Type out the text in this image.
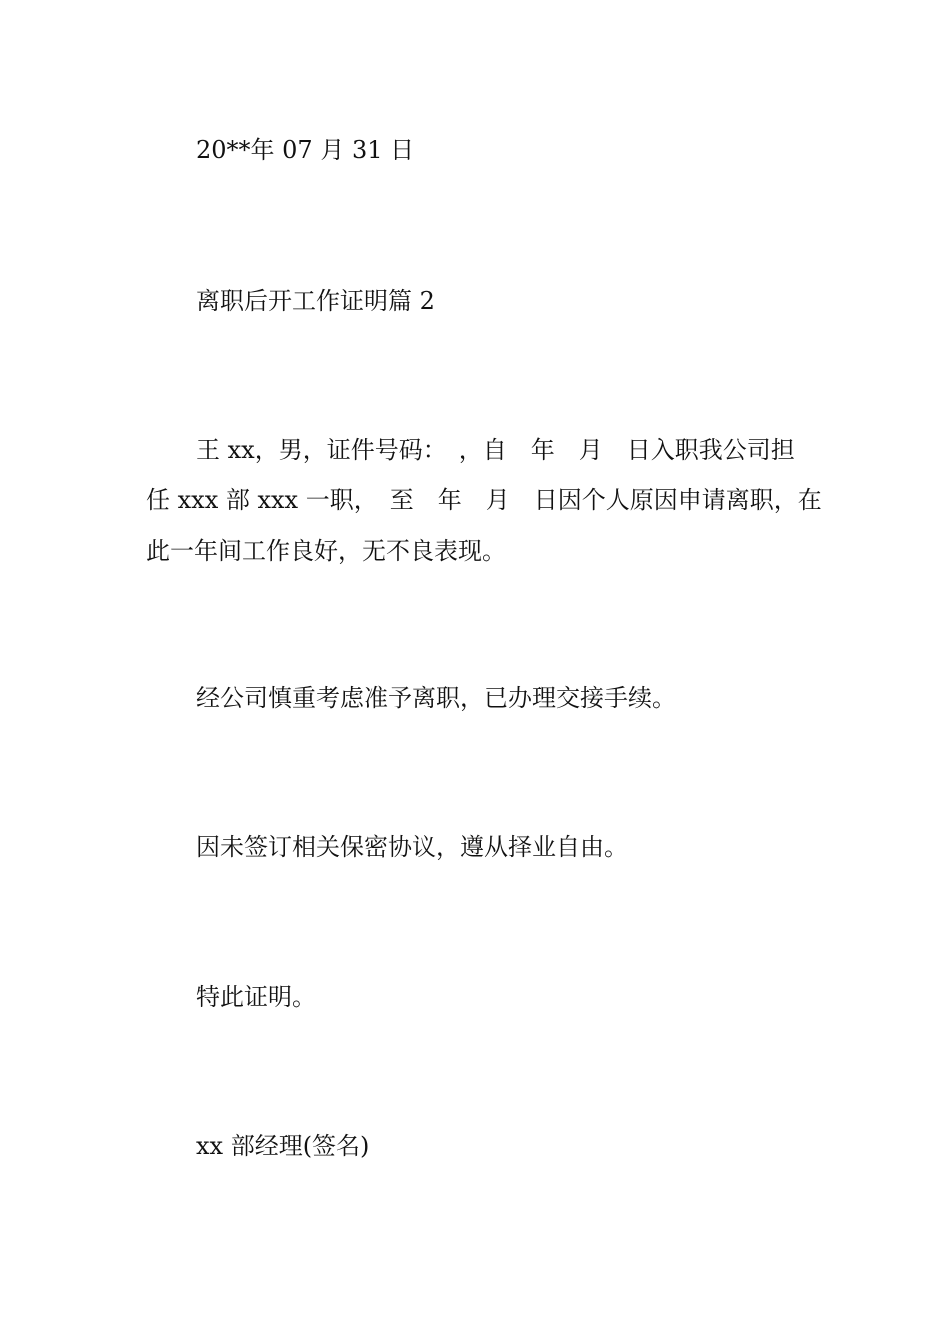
20**年 07 月 31 日
离职后开工作证明篇 2
王 xx，男，证件号码：　，自　年　月　日入职我公司担
任 xxx 部 xxx 一职，　至　年　月　日因个人原因申请离职，在
此一年间工作良好，无不良表现。
经公司慎重考虑准予离职，已办理交接手续。
因未签订相关保密协议，遵从择业自由。
特此证明。
xx 部经理(签名)
